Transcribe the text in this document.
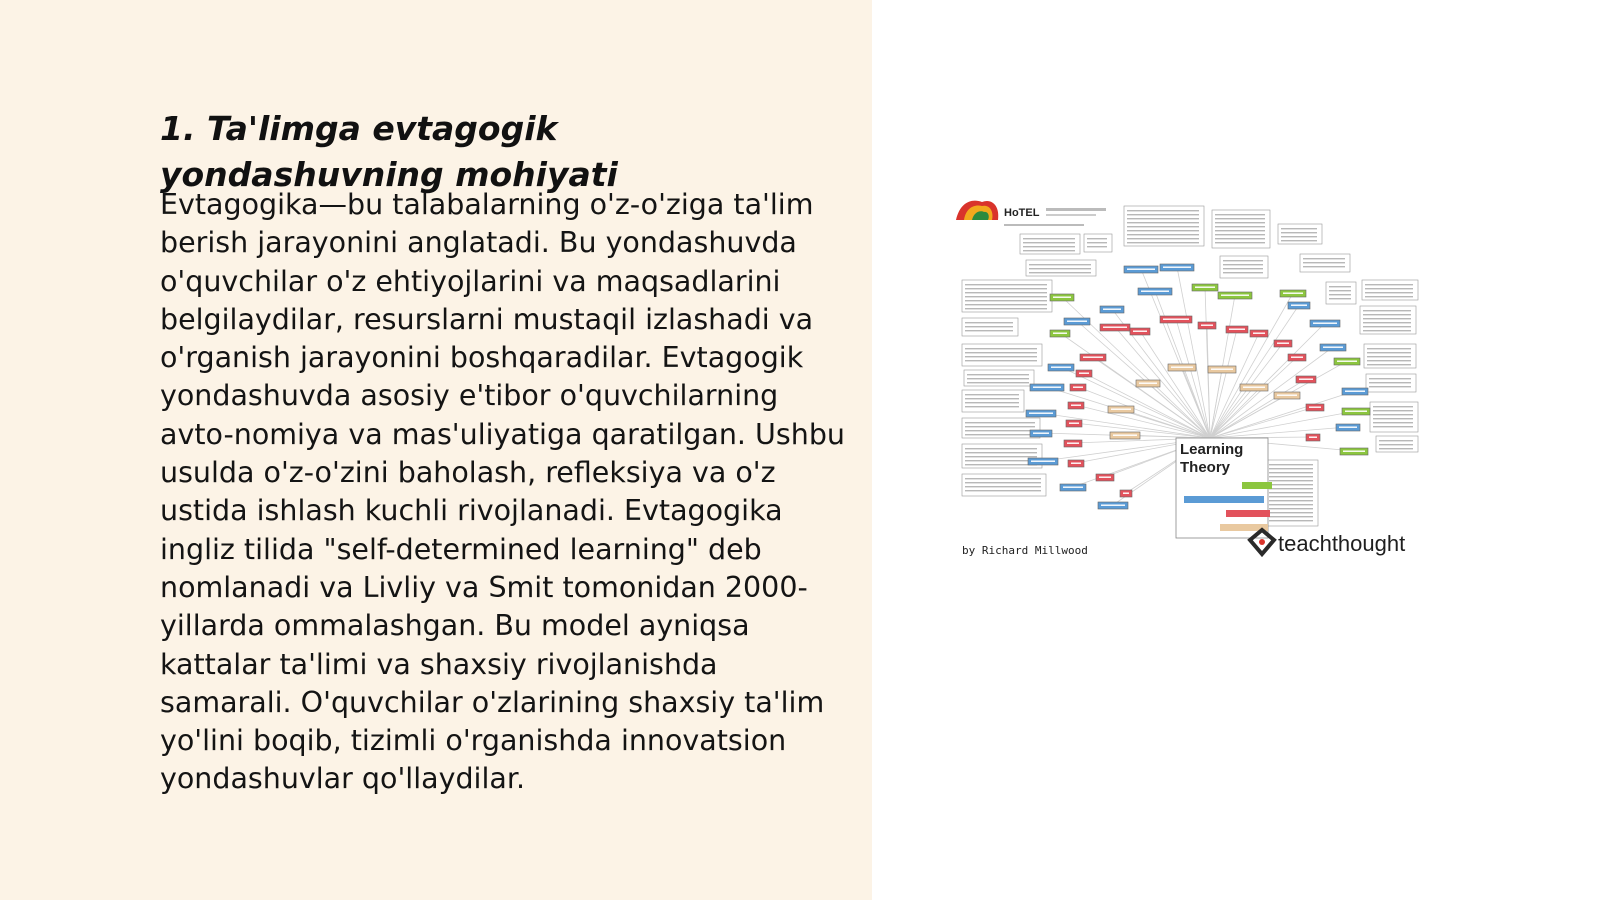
1. Ta'limga evtagogik yondashuvning mohiyati

Evtagogika—bu talabalarning o'z-o'ziga ta'lim berish jarayonini anglatadi. Bu yondashuvda o'quvchilar o'z ehtiyojlarini va maqsadlarini belgilaydilar, resurslarni mustaqil izlashadi va o'rganish jarayonini boshqaradilar. Evtagogik yondashuvda asosiy e'tibor o'quvchilarning avto-nomiya va mas'uliyatiga qaratilgan. Ushbu usulda o'z-o'zini baholash, refleksiya va o'z ustida ishlash kuchli rivojlanadi. Evtagogika ingliz tilida "self-determined learning" deb nomlanadi va Livliy va Smit tomonidan 2000-yillarda ommalashgan. Bu model ayniqsa kattalar ta'limi va shaxsiy rivojlanishda samarali. O'quvchilar o'zlarining shaxsiy ta'lim yo'lini boqib, tizimli o'rganishda innovatsion yondashuvlar qo'llaydilar.

HoTEL
Learning
Theory
by Richard Millwood	teachthought
